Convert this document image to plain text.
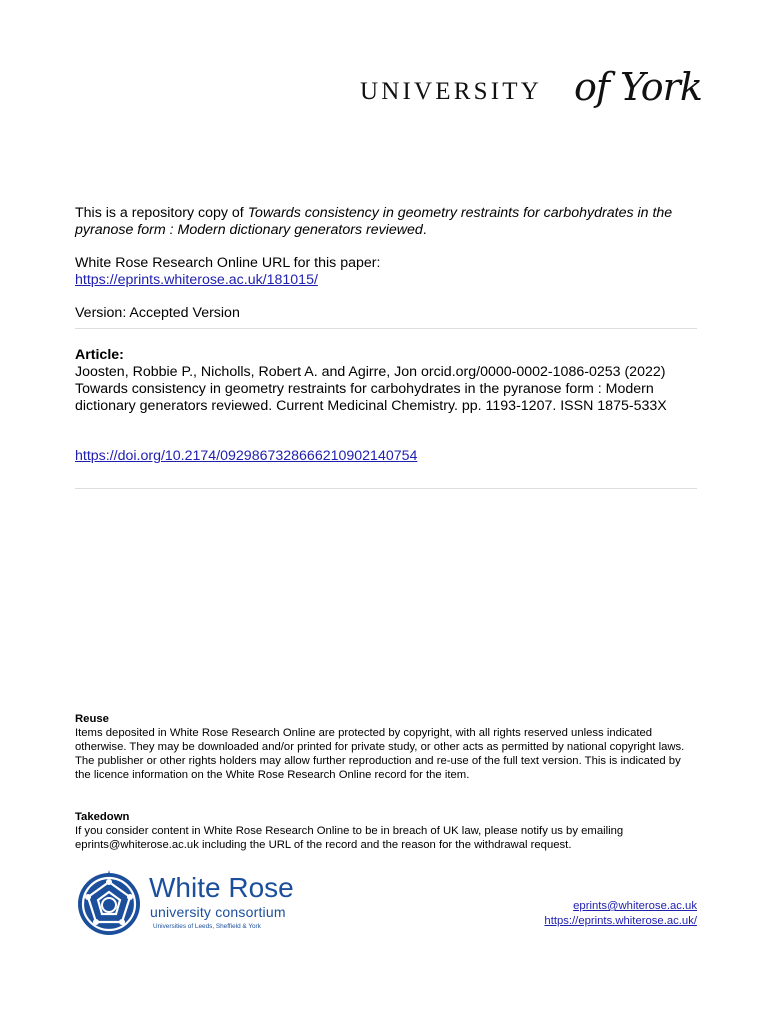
UNIVERSITY of York
This is a repository copy of Towards consistency in geometry restraints for carbohydrates in the pyranose form : Modern dictionary generators reviewed.
White Rose Research Online URL for this paper:
https://eprints.whiterose.ac.uk/181015/
Version: Accepted Version
Article:
Joosten, Robbie P., Nicholls, Robert A. and Agirre, Jon orcid.org/0000-0002-1086-0253 (2022) Towards consistency in geometry restraints for carbohydrates in the pyranose form : Modern dictionary generators reviewed. Current Medicinal Chemistry. pp. 1193-1207. ISSN 1875-533X
https://doi.org/10.2174/0929867328666210902140754
Reuse
Items deposited in White Rose Research Online are protected by copyright, with all rights reserved unless indicated otherwise. They may be downloaded and/or printed for private study, or other acts as permitted by national copyright laws. The publisher or other rights holders may allow further reproduction and re-use of the full text version. This is indicated by the licence information on the White Rose Research Online record for the item.
Takedown
If you consider content in White Rose Research Online to be in breach of UK law, please notify us by emailing eprints@whiterose.ac.uk including the URL of the record and the reason for the withdrawal request.
White Rose
university consortium
Universities of Leeds, Sheffield & York
eprints@whiterose.ac.uk
https://eprints.whiterose.ac.uk/
